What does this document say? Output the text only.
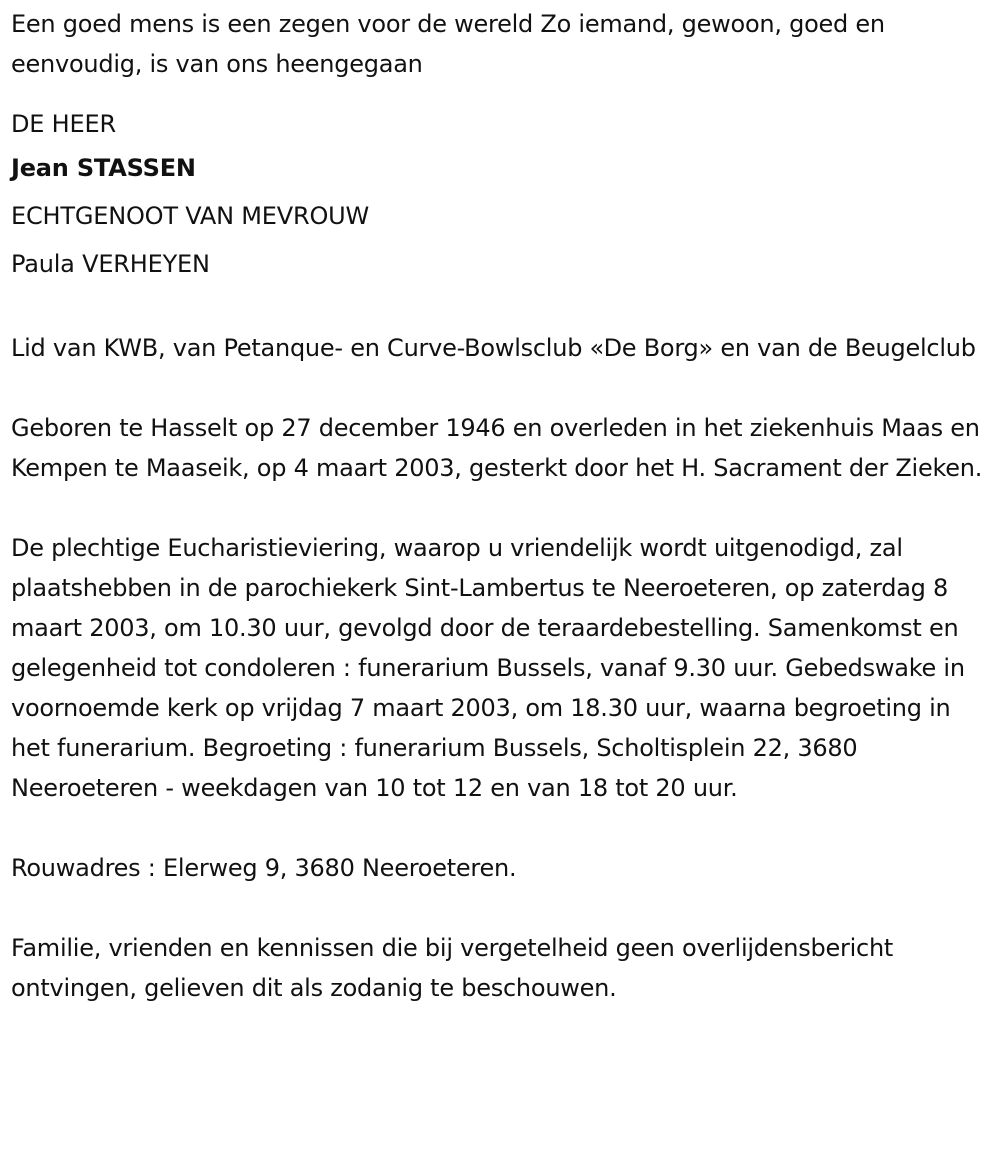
Een goed mens is een zegen voor de wereld Zo iemand, gewoon, goed en eenvoudig, is van ons heengegaan

DE HEER

Jean STASSEN

ECHTGENOOT VAN MEVROUW

Paula VERHEYEN

Lid van KWB, van Petanque- en Curve-Bowlsclub «De Borg» en van de Beugelclub

Geboren te Hasselt op 27 december 1946 en overleden in het ziekenhuis Maas en Kempen te Maaseik, op 4 maart 2003, gesterkt door het H. Sacrament der Zieken.

De plechtige Eucharistieviering, waarop u vriendelijk wordt uitgenodigd, zal plaatshebben in de parochiekerk Sint-Lambertus te Neeroeteren, op zaterdag 8 maart 2003, om 10.30 uur, gevolgd door de teraardebestelling. Samenkomst en gelegenheid tot condoleren : funerarium Bussels, vanaf 9.30 uur. Gebedswake in voornoemde kerk op vrijdag 7 maart 2003, om 18.30 uur, waarna begroeting in het funerarium. Begroeting : funerarium Bussels, Scholtisplein 22, 3680 Neeroeteren - weekdagen van 10 tot 12 en van 18 tot 20 uur.

Rouwadres : Elerweg 9, 3680 Neeroeteren.

Familie, vrienden en kennissen die bij vergetelheid geen overlijdensbericht ontvingen, gelieven dit als zodanig te beschouwen.
